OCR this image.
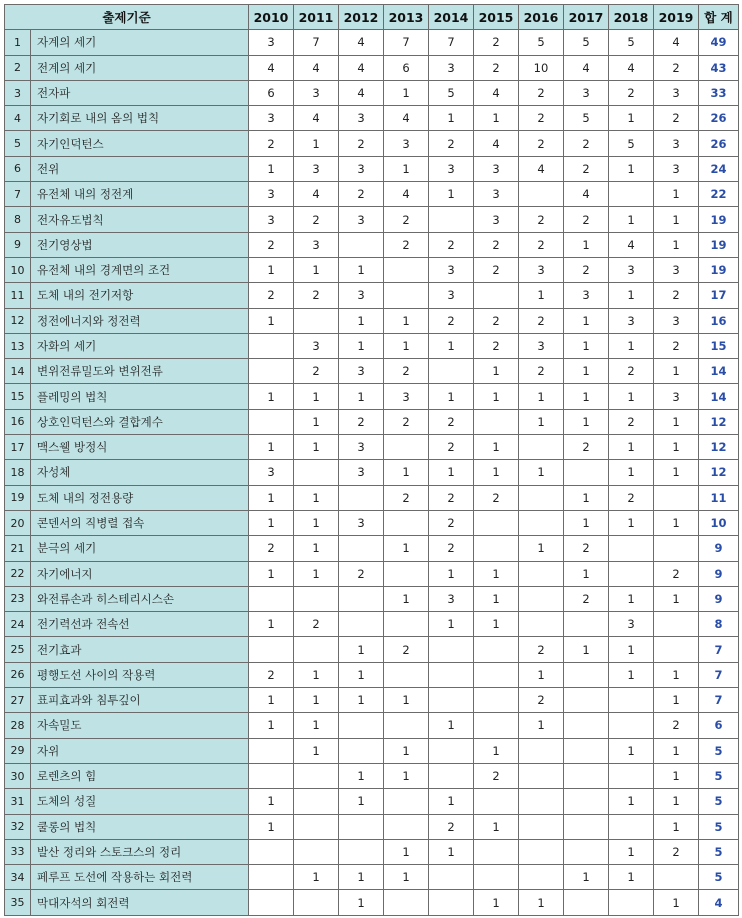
출제기준		2010	2011	2012	2013	2014	2015	2016	2017	2018	2019	합 계
1	자계의 세기	3	7	4	7	7	2	5	5	5	4	49
2	전계의 세기	4	4	4	6	3	2	10	4	4	2	43
3	전자파	6	3	4	1	5	4	2	3	2	3	33
4	자기회로 내의 옴의 법칙	3	4	3	4	1	1	2	5	1	2	26
5	자기인덕턴스	2	1	2	3	2	4	2	2	5	3	26
6	전위	1	3	3	1	3	3	4	2	1	3	24
7	유전체 내의 정전계	3	4	2	4	1	3		4		1	22
8	전자유도법칙	3	2	3	2		3	2	2	1	1	19
9	전기영상법	2	3		2	2	2	2	1	4	1	19
10	유전체 내의 경계면의 조건	1	1	1		3	2	3	2	3	3	19
11	도체 내의 전기저항	2	2	3		3		1	3	1	2	17
12	정전에너지와 정전력	1		1	1	2	2	2	1	3	3	16
13	자화의 세기		3	1	1	1	2	3	1	1	2	15
14	변위전류밀도와 변위전류		2	3	2		1	2	1	2	1	14
15	플레밍의 법칙	1	1	1	3	1	1	1	1	1	3	14
16	상호인덕턴스와 결합계수		1	2	2	2		1	1	2	1	12
17	맥스웰 방정식	1	1	3		2	1		2	1	1	12
18	자성체	3		3	1	1	1	1		1	1	12
19	도체 내의 정전용량	1	1		2	2	2		1	2		11
20	콘덴서의 직병렬 접속	1	1	3		2			1	1	1	10
21	분극의 세기	2	1		1	2		1	2			9
22	자기에너지	1	1	2		1	1		1		2	9
23	와전류손과 히스테리시스손				1	3	1		2	1	1	9
24	전기력선과 전속선	1	2			1	1			3		8
25	전기효과			1	2			2	1	1		7
26	평행도선 사이의 작용력	2	1	1				1		1	1	7
27	표피효과와 침투깊이	1	1	1	1			2			1	7
28	자속밀도	1	1			1		1			2	6
29	자위		1		1		1			1	1	5
30	로렌츠의 힘			1	1		2				1	5
31	도체의 성질	1		1		1				1	1	5
32	쿨롱의 법칙	1				2	1				1	5
33	발산 정리와 스토크스의 정리				1	1				1	2	5
34	페루프 도선에 작용하는 회전력		1	1	1				1	1		5
35	막대자석의 회전력			1			1	1			1	4
